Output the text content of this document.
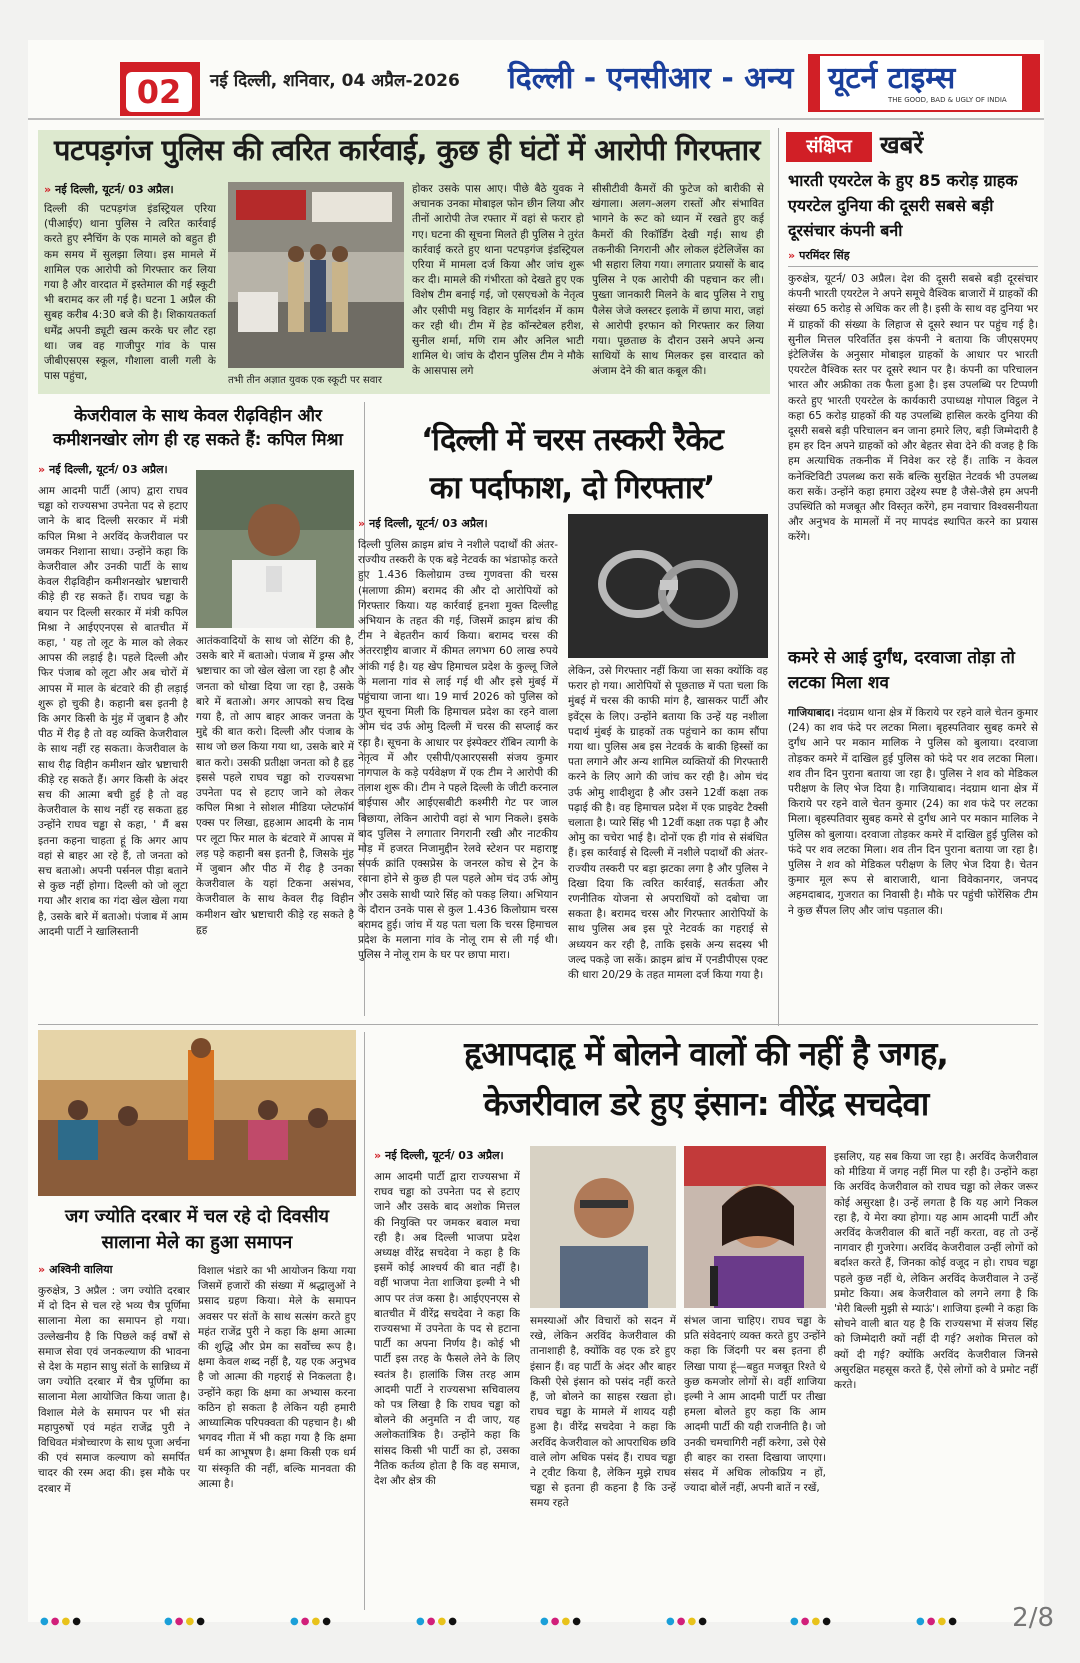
02	नई दिल्ली, शनिवार, 04 अप्रैल-2026 दिल्ली - एनसीआर - अन्य यूटर्न टाइम्स
THE GOOD, BAD & UGLY OF INDIA
पटपड़गंज पुलिस की त्वरित कार्रवाई, कुछ ही घंटों में आरोपी गिरफ्तार
» नई दिल्ली, यूटर्न/ 03 अप्रैल।
दिल्ली की पटपड़गंज इंडस्ट्रियल एरिया (पीआईए) थाना पुलिस ने त्वरित कार्रवाई करते हुए स्नैचिंग के एक मामले को बहुत ही कम समय में सुलझा लिया। इस मामले में शामिल एक आरोपी को गिरफ्तार कर लिया गया है और वारदात में इस्तेमाल की गई स्कूटी भी बरामद कर ली गई है। घटना 1 अप्रैल की सुबह करीब 4:30 बजे की है। शिकायतकर्ता धर्मेंद्र अपनी ड्यूटी खत्म करके घर लौट रहा था। जब वह गाजीपुर गांव के पास जीबीएसएस स्कूल, गौशाला वाली गली के पास पहुंचा,	तभी तीन अज्ञात युवक एक स्कूटी पर सवार
होकर उसके पास आए। पीछे बैठे युवक ने अचानक उनका मोबाइल फोन छीन लिया और तीनों आरोपी तेज रफ्तार में वहां से फरार हो गए। घटना की सूचना मिलते ही पुलिस ने तुरंत कार्रवाई करते हुए थाना पटपड़गंज इंडस्ट्रियल एरिया में मामला दर्ज किया और जांच शुरू कर दी। मामले की गंभीरता को देखते हुए एक विशेष टीम बनाई गई, जो एसएचओ के नेतृत्व और एसीपी मधु विहार के मार्गदर्शन में काम कर रही थी। टीम में हेड कॉन्स्टेबल हरीश, सुनील शर्मा, मणि राम और अनिल भाटी शामिल थे। जांच के दौरान पुलिस टीम ने मौके के आसपास लगे
सीसीटीवी कैमरों की फुटेज को बारीकी से खंगाला। अलग-अलग रास्तों और संभावित भागने के रूट को ध्यान में रखते हुए कई कैमरों की रिकॉर्डिंग देखी गई। साथ ही तकनीकी निगरानी और लोकल इंटेलिजेंस का भी सहारा लिया गया। लगातार प्रयासों के बाद पुलिस ने एक आरोपी की पहचान कर ली। पुख्ता जानकारी मिलने के बाद पुलिस ने राघु पैलेस जेजे क्लस्टर इलाके में छापा मारा, जहां से आरोपी इरफान को गिरफ्तार कर लिया गया। पूछताछ के दौरान उसने अपने अन्य साथियों के साथ मिलकर इस वारदात को अंजाम देने की बात कबूल की।
संक्षिप्त	खबरें
भारती एयरटेल के हुए 85 करोड़ ग्राहक एयरटेल दुनिया की दूसरी सबसे बड़ी दूरसंचार कंपनी बनी
» परमिंदर सिंह
कुरुक्षेत्र, यूटर्न/ 03 अप्रैल। देश की दूसरी सबसे बड़ी दूरसंचार कंपनी भारती एयरटेल ने अपने समूचे वैश्विक बाजारों में ग्राहकों की संख्या 65 करोड़ से अधिक कर ली है। इसी के साथ वह दुनिया भर में ग्राहकों की संख्या के लिहाज से दूसरे स्थान पर पहुंच गई है। सुनील मित्तल परिवर्तित इस कंपनी ने बताया कि जीएसएमए इंटेलिजेंस के अनुसार मोबाइल ग्राहकों के आधार पर भारती एयरटेल वैश्विक स्तर पर दूसरे स्थान पर है। कंपनी का परिचालन भारत और अफ्रीका तक फैला हुआ है। इस उपलब्धि पर टिप्पणी करते हुए भारती एयरटेल के कार्यकारी उपाध्यक्ष गोपाल विट्ठल ने कहा 65 करोड़ ग्राहकों की यह उपलब्धि हासिल करके दुनिया की दूसरी सबसे बड़ी परिचालन बन जाना हमारे लिए, बड़ी जिम्मेदारी है हम हर दिन अपने ग्राहकों को और बेहतर सेवा देने की वजह है कि हम अत्याधिक तकनीक में निवेश कर रहे हैं। ताकि न केवल कनेक्टिविटी उपलब्ध करा सकें बल्कि सुरक्षित नेटवर्क भी उपलब्ध करा सकें। उन्होंने कहा हमारा उद्देश्य स्पष्ट है जैसे-जैसे हम अपनी उपस्थिति को मजबूत और विस्तृत करेंगे, हम नवाचार विश्वसनीयता और अनुभव के मामलों में नए मापदंड स्थापित करने का प्रयास करेंगे।
कमरे से आई दुर्गंध, दरवाजा तोड़ा तो लटका मिला शव
गाजियाबाद। नंदग्राम थाना क्षेत्र में किराये पर रहने वाले चेतन कुमार (24) का शव फंदे पर लटका मिला। बृहस्पतिवार सुबह कमरे से दुर्गंध आने पर मकान मालिक ने पुलिस को बुलाया। दरवाजा तोड़कर कमरे में दाखिल हुई पुलिस को फंदे पर शव लटका मिला। शव तीन दिन पुराना बताया जा रहा है। पुलिस ने शव को मेडिकल परीक्षण के लिए भेज दिया है। गाजियाबाद। नंदग्राम थाना क्षेत्र में किराये पर रहने वाले चेतन कुमार (24) का शव फंदे पर लटका मिला। बृहस्पतिवार सुबह कमरे से दुर्गंध आने पर मकान मालिक ने पुलिस को बुलाया। दरवाजा तोड़कर कमरे में दाखिल हुई पुलिस को फंदे पर शव लटका मिला। शव तीन दिन पुराना बताया जा रहा है। पुलिस ने शव को मेडिकल परीक्षण के लिए भेज दिया है। चेतन कुमार मूल रूप से बाराजारी, थाना विवेकानगर, जनपद अहमदाबाद, गुजरात का निवासी है। मौके पर पहुंची फोरेंसिक टीम ने कुछ सैंपल लिए और जांच पड़ताल की।
केजरीवाल के साथ केवल रीढ़विहीन और कमीशनखोर लोग ही रह सकते हैं: कपिल मिश्रा
» नई दिल्ली, यूटर्न/ 03 अप्रैल।
आम आदमी पार्टी (आप) द्वारा राघव चड्ढा को राज्यसभा उपनेता पद से हटाए जाने के बाद दिल्ली सरकार में मंत्री कपिल मिश्रा ने अरविंद केजरीवाल पर जमकर निशाना साधा। उन्होंने कहा कि केजरीवाल और उनकी पार्टी के साथ केवल रीढ़विहीन कमीशनखोर भ्रष्टाचारी कीड़े ही रह सकते हैं। राघव चड्ढा के बयान पर दिल्ली सरकार में मंत्री कपिल मिश्रा ने आईएएनएस से बातचीत में कहा, ' यह तो लूट के माल को लेकर आपस की लड़ाई है। पहले दिल्ली और फिर पंजाब को लूटा और अब चोरों में आपस में माल के बंटवारे की ही लड़ाई शुरू हो चुकी है। कहानी बस इतनी है कि अगर किसी के मुंह में जुबान है और पीठ में रीढ़ है तो वह व्यक्ति केजरीवाल के साथ नहीं रह सकता। केजरीवाल के साथ रीढ़ विहीन कमीशन खोर भ्रष्टाचारी कीड़े रह सकते हैं। अगर किसी के अंदर सच की आत्मा बची हुई है तो वह केजरीवाल के साथ नहीं रह सकता हृह उन्होंने राघव चड्ढा से कहा, ' मैं बस इतना कहना चाहता हूं कि अगर आप वहां से बाहर आ रहे हैं, तो जनता को सच बताओ। अपनी पर्सनल पीड़ा बताने से कुछ नहीं होगा। दिल्ली को जो लूटा गया और शराब का गंदा खेल खेला गया है, उसके बारे में बताओ। पंजाब में आम आदमी पार्टी ने खालिस्तानी
आतंकवादियों के साथ जो सेटिंग की है, उसके बारे में बताओ। पंजाब में ड्रग्स और भ्रष्टाचार का जो खेल खेला जा रहा है और जनता को धोखा दिया जा रहा है, उसके बारे में बताओ। अगर आपको सच दिख गया है, तो आप बाहर आकर जनता के मुद्दे की बात करो। दिल्ली और पंजाब के साथ जो छल किया गया था, उसके बारे में बात करो। उसकी प्रतीक्षा जनता को है हृह इससे पहले राघव चड्ढा को राज्यसभा उपनेता पद से हटाए जाने को लेकर कपिल मिश्रा ने सोशल मीडिया प्लेटफॉर्म एक्स पर लिखा, हृहआम आदमी के नाम पर लूटा फिर माल के बंटवारे में आपस में लड़ पड़े कहानी बस इतनी है, जिसके मुंह में जुबान और पीठ में रीढ़ है उनका केजरीवाल के यहां टिकना असंभव, केजरीवाल के साथ केवल रीढ़ विहीन कमीशन खोर भ्रष्टाचारी कीड़े रह सकते है हृह
‘दिल्ली में चरस तस्करी रैकेट
का पर्दाफाश, दो गिरफ्तार’
» नई दिल्ली, यूटर्न/ 03 अप्रैल।
दिल्ली पुलिस क्राइम ब्रांच ने नशीले पदार्थों की अंतर-राज्यीय तस्करी के एक बड़े नेटवर्क का भंडाफोड़ करते हुए 1.436 किलोग्राम उच्च गुणवत्ता की चरस (मलाणा क्रीम) बरामद की और दो आरोपियों को गिरफ्तार किया। यह कार्रवाई हृनशा मुक्त दिल्लीहृ अभियान के तहत की गई, जिसमें क्राइम ब्रांच की टीम ने बेहतरीन कार्य किया। बरामद चरस की अंतरराष्ट्रीय बाजार में कीमत लगभग 60 लाख रुपये आंकी गई है। यह खेप हिमाचल प्रदेश के कुल्लू जिले के मलाना गांव से लाई गई थी और इसे मुंबई में पहुंचाया जाना था। 19 मार्च 2026 को पुलिस को गुप्त सूचना मिली कि हिमाचल प्रदेश का रहने वाला ओम चंद उर्फ ओमु दिल्ली में चरस की सप्लाई कर रहा है। सूचना के आधार पर इंस्पेक्टर रॉबिन त्यागी के नेतृत्व में और एसीपी/एआरएससी संजय कुमार नागपाल के कड़े पर्यवेक्षण में एक टीम ने आरोपी की तलाश शुरू की। टीम ने पहले दिल्ली के जीटी करनाल बाईपास और आईएसबीटी कश्मीरी गेट पर जाल बिछाया, लेकिन आरोपी वहां से भाग निकले। इसके बाद पुलिस ने लगातार निगरानी रखी और नाटकीय मोड़ में हजरत निजामुद्दीन रेलवे स्टेशन पर महाराष्ट्र संपर्क क्रांति एक्सप्रेस के जनरल कोच से ट्रेन के रवाना होने से कुछ ही पल पहले ओम चंद उर्फ ओमु और उसके साथी प्यारे सिंह को पकड़ लिया। अभियान के दौरान उनके पास से कुल 1.436 किलोग्राम चरस बरामद हुई। जांच में यह पता चला कि चरस हिमाचल प्रदेश के मलाना गांव के नोलू राम से ली गई थी। पुलिस ने नोलू राम के घर पर छापा मारा।
लेकिन, उसे गिरफ्तार नहीं किया जा सका क्योंकि वह फरार हो गया। आरोपियों से पूछताछ में पता चला कि मुंबई में चरस की काफी मांग है, खासकर पार्टी और इवेंट्स के लिए। उन्होंने बताया कि उन्हें यह नशीला पदार्थ मुंबई के ग्राहकों तक पहुंचाने का काम सौंपा गया था। पुलिस अब इस नेटवर्क के बाकी हिस्सों का पता लगाने और अन्य शामिल व्यक्तियों की गिरफ्तारी करने के लिए आगे की जांच कर रही है। ओम चंद उर्फ ओमु शादीशुदा है और उसने 12वीं कक्षा तक पढ़ाई की है। वह हिमाचल प्रदेश में एक प्राइवेट टैक्सी चलाता है। प्यारे सिंह भी 12वीं कक्षा तक पढ़ा है और ओमु का चचेरा भाई है। दोनों एक ही गांव से संबंधित हैं। इस कार्रवाई से दिल्ली में नशीले पदार्थों की अंतर-राज्यीय तस्करी पर बड़ा झटका लगा है और पुलिस ने दिखा दिया कि त्वरित कार्रवाई, सतर्कता और रणनीतिक योजना से अपराधियों को दबोचा जा सकता है। बरामद चरस और गिरफ्तार आरोपियों के साथ पुलिस अब इस पूरे नेटवर्क का गहराई से अध्ययन कर रही है, ताकि इसके अन्य सदस्य भी जल्द पकड़े जा सकें। क्राइम ब्रांच में एनडीपीएस एक्ट की धारा 20/29 के तहत मामला दर्ज किया गया है।
जग ज्योति दरबार में चल रहे दो दिवसीय सालाना मेले का हुआ समापन
» अश्विनी वालिया
कुरुक्षेत्र, 3 अप्रैल : जग ज्योति दरबार में दो दिन से चल रहे भव्य चैत्र पूर्णिमा सालाना मेला का समापन हो गया। उल्लेखनीय है कि पिछले कई वर्षों से समाज सेवा एवं जनकल्याण की भावना से देश के महान साधु संतों के सान्निध्य में जग ज्योति दरबार में चैत्र पूर्णिमा का सालाना मेला आयोजित किया जाता है। विशाल मेले के समापन पर भी संत महापुरुषों एवं महंत राजेंद्र पुरी ने विधिवत मंत्रोच्चारण के साथ पूजा अर्चना की एवं समाज कल्याण को समर्पित चादर की रस्म अदा की। इस मौके पर दरबार में
विशाल भंडारे का भी आयोजन किया गया जिसमें हजारों की संख्या में श्रद्धालुओं ने प्रसाद ग्रहण किया। मेले के समापन अवसर पर संतों के साथ सत्संग करते हुए महंत राजेंद्र पुरी ने कहा कि क्षमा आत्मा की शुद्धि और प्रेम का सर्वोच्च रूप है। क्षमा केवल शब्द नहीं है, यह एक अनुभव है जो आत्मा की गहराई से निकलता है। उन्होंने कहा कि क्षमा का अभ्यास करना कठिन हो सकता है लेकिन यही हमारी आध्यात्मिक परिपक्वता की पहचान है। श्री भगवद गीता में भी कहा गया है कि क्षमा धर्म का आभूषण है। क्षमा किसी एक धर्म या संस्कृति की नहीं, बल्कि मानवता की आत्मा है।
हृआपदाहृ में बोलने वालों की नहीं है जगह,
केजरीवाल डरे हुए इंसान: वीरेंद्र सचदेवा
» नई दिल्ली, यूटर्न/ 03 अप्रैल।
आम आदमी पार्टी द्वारा राज्यसभा में राघव चड्ढा को उपनेता पद से हटाए जाने और उसके बाद अशोक मित्तल की नियुक्ति पर जमकर बवाल मचा रही है। अब दिल्ली भाजपा प्रदेश अध्यक्ष वीरेंद्र सचदेवा ने कहा है कि इसमें कोई आश्चर्य की बात नहीं है। वहीं भाजपा नेता शाजिया इल्मी ने भी आप पर तंज कसा है। आईएएनएस से बातचीत में वीरेंद्र सचदेवा ने कहा कि राज्यसभा में उपनेता के पद से हटाना पार्टी का अपना निर्णय है। कोई भी पार्टी इस तरह के फैसले लेने के लिए स्वतंत्र है। हालांकि जिस तरह आम आदमी पार्टी ने राज्यसभा सचिवालय को पत्र लिखा है कि राघव चड्ढा को बोलने की अनुमति न दी जाए, यह अलोकतांत्रिक है। उन्होंने कहा कि सांसद किसी भी पार्टी का हो, उसका नैतिक कर्तव्य होता है कि वह समाज, देश और क्षेत्र की
समस्याओं और विचारों को सदन में रखे, लेकिन अरविंद केजरीवाल की तानाशाही है, क्योंकि वह एक डरे हुए इंसान हैं। वह पार्टी के अंदर और बाहर किसी ऐसे इंसान को पसंद नहीं करते हैं, जो बोलने का साहस रखता हो। राघव चड्ढा के मामले में शायद यही हुआ है। वीरेंद्र सचदेवा ने कहा कि अरविंद केजरीवाल को आपराधिक छवि वाले लोग अधिक पसंद हैं। राघव चड्ढा ने ट्वीट किया है, लेकिन मुझे राघव चड्ढा से इतना ही कहना है कि उन्हें समय रहते
संभल जाना चाहिए। राघव चड्ढा के प्रति संवेदनाएं व्यक्त करते हुए उन्होंने कहा कि जिंदगी पर बस इतना ही लिखा पाया हूं—बहुत मजबूत रिश्ते थे कुछ कमजोर लोगों से। वहीं शाजिया इल्मी ने आम आदमी पार्टी पर तीखा हमला बोलते हुए कहा कि आम आदमी पार्टी की यही राजनीति है। जो उनकी चमचागिरी नहीं करेगा, उसे ऐसे ही बाहर का रास्ता दिखाया जाएगा। संसद में अधिक लोकप्रिय न हों, ज्यादा बोलें नहीं, अपनी बातें न रखें,
इसलिए, यह सब किया जा रहा है। अरविंद केजरीवाल को मीडिया में जगह नहीं मिल पा रही है। उन्होंने कहा कि अरविंद केजरीवाल को राघव चड्ढा को लेकर जरूर कोई असुरक्षा है। उन्हें लगता है कि यह आगे निकल रहा है, ये मेरा क्या होगा। यह आम आदमी पार्टी और अरविंद केजरीवाल की बातें नहीं करता, वह तो उन्हें नागवार ही गुजरेगा। अरविंद केजरीवाल उन्हीं लोगों को बर्दाश्त करते हैं, जिनका कोई वजूद न हो। राघव चड्ढा पहले कुछ नहीं थे, लेकिन अरविंद केजरीवाल ने उन्हें प्रमोट किया। अब केजरीवाल को लगने लगा है कि 'मेरी बिल्ली मुझी से म्याऊं'। शाजिया इल्मी ने कहा कि सोचने वाली बात यह है कि राज्यसभा में संजय सिंह को जिम्मेदारी क्यों नहीं दी गई? अशोक मित्तल को क्यों दी गई? क्योंकि अरविंद केजरीवाल जिनसे असुरक्षित महसूस करते हैं, ऐसे लोगों को वे प्रमोट नहीं करते।
●●●●	●●●●	●●●●	●●●●	●●●●	●●●●	●●●●	●●●● 2/8
